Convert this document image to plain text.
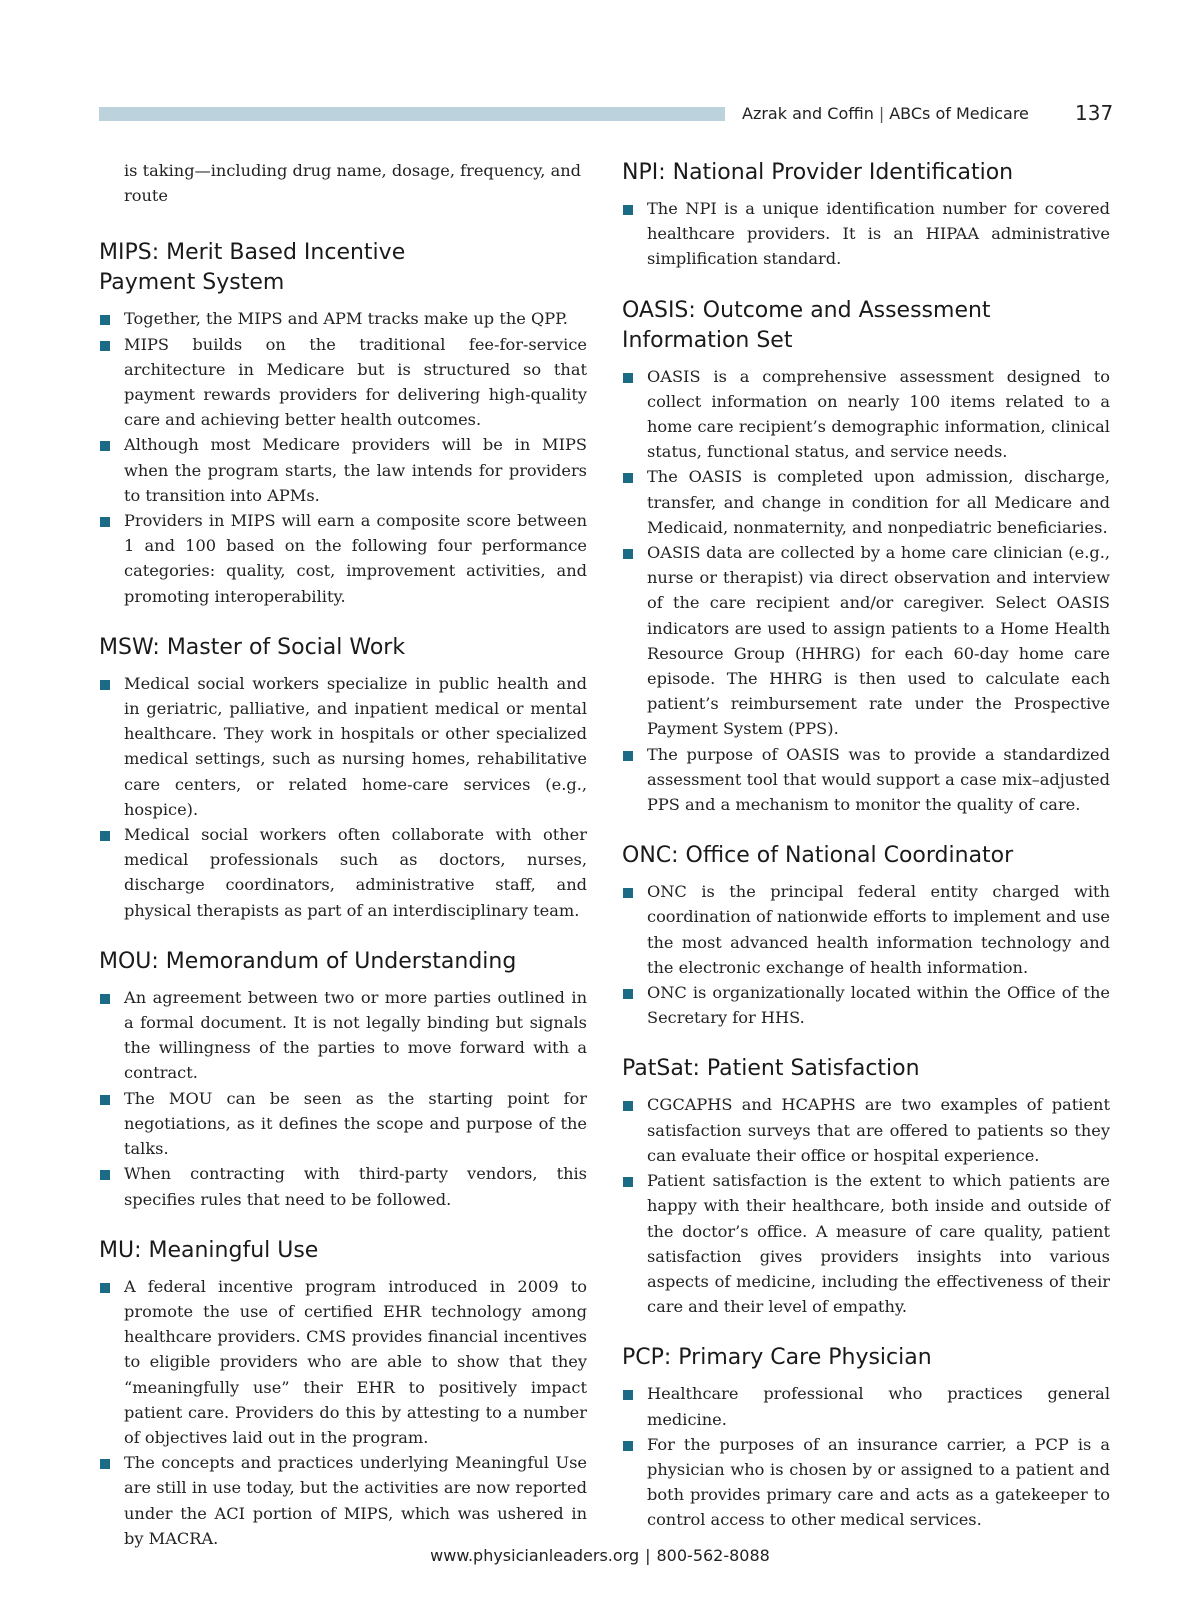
Azrak and Coffin | ABCs of Medicare 137

is taking—including drug name, dosage, frequency, and route

MIPS: Merit Based Incentive Payment System
Together, the MIPS and APM tracks make up the QPP.
MIPS builds on the traditional fee-for-service architecture in Medicare but is structured so that payment rewards providers for delivering high-quality care and achieving better health outcomes.
Although most Medicare providers will be in MIPS when the program starts, the law intends for providers to transition into APMs.
Providers in MIPS will earn a composite score between 1 and 100 based on the following four performance categories: quality, cost, improvement activities, and promoting interoperability.
MSW: Master of Social Work
Medical social workers specialize in public health and in geriatric, palliative, and inpatient medical or mental healthcare. They work in hospitals or other specialized medical settings, such as nursing homes, rehabilitative care centers, or related home-care services (e.g., hospice).
Medical social workers often collaborate with other medical professionals such as doctors, nurses, discharge coordinators, administrative staff, and physical therapists as part of an interdisciplinary team.
MOU: Memorandum of Understanding
An agreement between two or more parties outlined in a formal document. It is not legally binding but signals the willingness of the parties to move forward with a contract.
The MOU can be seen as the starting point for negotiations, as it defines the scope and purpose of the talks.
When contracting with third-party vendors, this specifies rules that need to be followed.
MU: Meaningful Use
A federal incentive program introduced in 2009 to promote the use of certified EHR technology among healthcare providers. CMS provides financial incentives to eligible providers who are able to show that they “meaningfully use” their EHR to positively impact patient care. Providers do this by attesting to a number of objectives laid out in the program.
The concepts and practices underlying Meaningful Use are still in use today, but the activities are now reported under the ACI portion of MIPS, which was ushered in by MACRA.
NPI: National Provider Identification
The NPI is a unique identification number for covered healthcare providers. It is an HIPAA administrative simplification standard.
OASIS: Outcome and Assessment Information Set
OASIS is a comprehensive assessment designed to collect information on nearly 100 items related to a home care recipient’s demographic information, clinical status, functional status, and service needs.
The OASIS is completed upon admission, discharge, transfer, and change in condition for all Medicare and Medicaid, nonmaternity, and nonpediatric beneficiaries.
OASIS data are collected by a home care clinician (e.g., nurse or therapist) via direct observation and interview of the care recipient and/or caregiver. Select OASIS indicators are used to assign patients to a Home Health Resource Group (HHRG) for each 60-day home care episode. The HHRG is then used to calculate each patient’s reimbursement rate under the Prospective Payment System (PPS).
The purpose of OASIS was to provide a standardized assessment tool that would support a case mix–adjusted PPS and a mechanism to monitor the quality of care.
ONC: Office of National Coordinator
ONC is the principal federal entity charged with coordination of nationwide efforts to implement and use the most advanced health information technology and the electronic exchange of health information.
ONC is organizationally located within the Office of the Secretary for HHS.
PatSat: Patient Satisfaction
CGCAPHS and HCAPHS are two examples of patient satisfaction surveys that are offered to patients so they can evaluate their office or hospital experience.
Patient satisfaction is the extent to which patients are happy with their healthcare, both inside and outside of the doctor’s office. A measure of care quality, patient satisfaction gives providers insights into various aspects of medicine, including the effectiveness of their care and their level of empathy.
PCP: Primary Care Physician
Healthcare professional who practices general medicine.
For the purposes of an insurance carrier, a PCP is a physician who is chosen by or assigned to a patient and both provides primary care and acts as a gatekeeper to control access to other medical services.
www.physicianleaders.org | 800-562-8088
